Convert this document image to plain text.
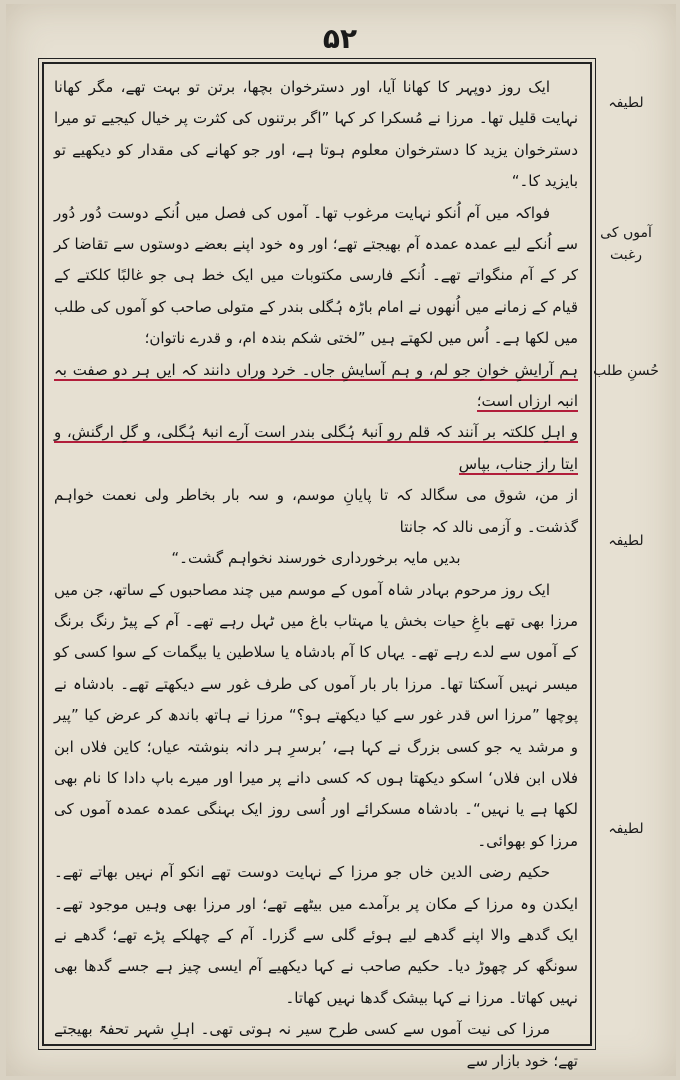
۵۲
لطیفہ
آموں کی رغبت
حُسنِ طلب
لطیفہ
لطیفہ

ایک روز دوپہر کا کھانا آیا، اور دسترخوان بچھا، برتن تو بہت تھے، مگر کھانا نہایت قلیل تھا۔ مرزا نے مُسکرا کر کہا ”اگر برتنوں کی کثرت پر خیال کیجیے تو میرا دسترخوان یزید کا دسترخوان معلوم ہوتا ہے، اور جو کھانے کی مقدار کو دیکھیے تو بایزید کا۔“

فواکہ میں آم اُنکو نہایت مرغوب تھا۔ آموں کی فصل میں اُنکے دوست دُور دُور سے اُنکے لیے عمدہ عمدہ آم بھیجتے تھے؛ اور وہ خود اپنے بعضے دوستوں سے تقاضا کر کر کے آم منگواتے تھے۔ اُنکے فارسی مکتوبات میں ایک خط ہی جو غالبًا کلکتے کے قیام کے زمانے میں اُنھوں نے امام باڑہ ہُگلی بندر کے متولی صاحب کو آموں کی طلب میں لکھا ہے۔ اُس میں لکھتے ہیں ”لختی شکم بندہ ام، و قدرے ناتوان؛

ہم آرایشِ خوانِ جو لم، و ہم آسایشِ جاں۔ خرد وراں دانند کہ ایں ہر دو صفت بہ انبہ ارزاں است؛

و اہلِ کلکتہ بر آنند کہ قلم رو اَنبۂ ہُگلی بندر است آرے انبۂ ہُگلی، و گلِ ارگنش، و ایتا راز جناب، بپاس

از من، شوق می سگالد کہ تا پایانِ موسم، و سہ بار بخاطر ولی نعمت خواہم گذشت۔ و آزمی نالد کہ جانتا

بدیں مایہ برخورداری خورسند نخواہم گشت۔“

ایک روز مرحوم بہادر شاہ آموں کے موسم میں چند مصاحبوں کے ساتھ، جن میں مرزا بھی تھے باغِ حیات بخش یا مہتاب باغ میں ٹہل رہے تھے۔ آم کے پیڑ رنگ برنگ کے آموں سے لدے رہے تھے۔ یہاں کا آم بادشاہ یا سلاطین یا بیگمات کے سوا کسی کو میسر نہیں آسکتا تھا۔ مرزا بار بار آموں کی طرف غور سے دیکھتے تھے۔ بادشاہ نے پوچھا ”مرزا اس قدر غور سے کیا دیکھتے ہو؟“ مرزا نے ہاتھ باندھ کر عرض کیا ”پیر و مرشد یہ جو کسی بزرگ نے کہا ہے، ’برسرِ ہر دانہ بنوشتہ عیاں؛ کاین فلاں ابن فلاں ابن فلاں‘ اسکو دیکھتا ہوں کہ کسی دانے پر میرا اور میرے باپ دادا کا نام بھی لکھا ہے یا نہیں“۔ بادشاہ مسکرائے اور اُسی روز ایک بہنگی عمدہ عمدہ آموں کی مرزا کو بھوائی۔

حکیم رضی الدین خاں جو مرزا کے نہایت دوست تھے انکو آم نہیں بھاتے تھے۔ ایکدن وہ مرزا کے مکان پر برآمدے میں بیٹھے تھے؛ اور مرزا بھی وہیں موجود تھے۔ ایک گدھے والا اپنے گدھے لیے ہوئے گلی سے گزرا۔ آم کے چھلکے پڑے تھے؛ گدھے نے سونگھ کر چھوڑ دیا۔ حکیم صاحب نے کہا دیکھیے آم ایسی چیز ہے جسے گدھا بھی نہیں کھاتا۔ مرزا نے کہا بیشک گدھا نہیں کھاتا۔

مرزا کی نیت آموں سے کسی طرح سیر نہ ہوتی تھی۔ اہلِ شہر تحفۃً بھیجتے تھے؛ خود بازار سے
